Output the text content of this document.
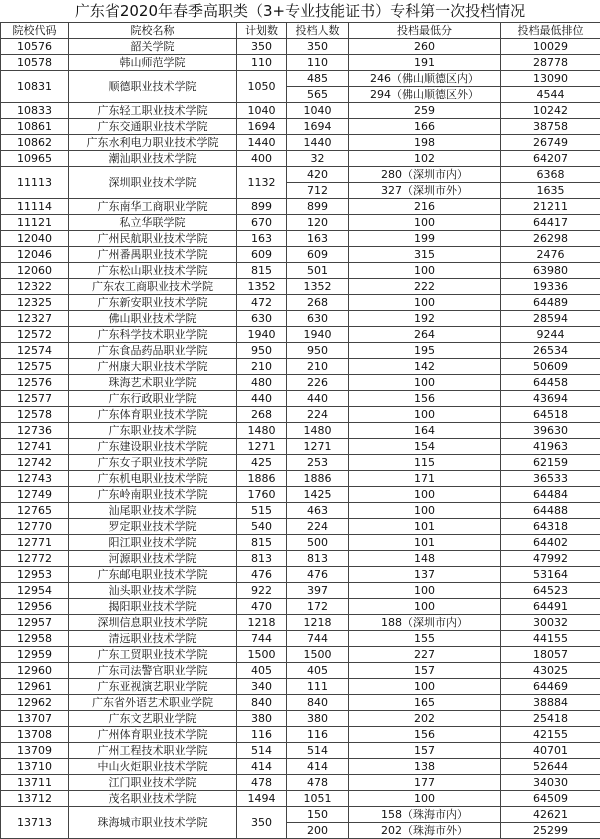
广东省2020年春季高职类（3+专业技能证书）专科第一次投档情况
院校代码	院校名称	计划数	投档人数	投档最低分	投档最低排位
10576	韶关学院	350	350	260	10029
10578	韩山师范学院	110	110	191	28778
10831	顺德职业技术学院	1050	485	246（佛山顺德区内）	13090
			565	294（佛山顺德区外）	4544
10833	广东轻工职业技术学院	1040	1040	259	10242
10861	广东交通职业技术学院	1694	1694	166	38758
10862	广东水利电力职业技术学院	1440	1440	198	26749
10965	潮汕职业技术学院	400	32	102	64207
11113	深圳职业技术学院	1132	420	280（深圳市内）	6368
			712	327（深圳市外）	1635
11114	广东南华工商职业学院	899	899	216	21211
11121	私立华联学院	670	120	100	64417
12040	广州民航职业技术学院	163	163	199	26298
12046	广州番禺职业技术学院	609	609	315	2476
12060	广东松山职业技术学院	815	501	100	63980
12322	广东农工商职业技术学院	1352	1352	222	19336
12325	广东新安职业技术学院	472	268	100	64489
12327	佛山职业技术学院	630	630	192	28594
12572	广东科学技术职业学院	1940	1940	264	9244
12574	广东食品药品职业学院	950	950	195	26534
12575	广州康大职业技术学院	210	210	142	50609
12576	珠海艺术职业学院	480	226	100	64458
12577	广东行政职业学院	440	440	156	43694
12578	广东体育职业技术学院	268	224	100	64518
12736	广东职业技术学院	1480	1480	164	39630
12741	广东建设职业技术学院	1271	1271	154	41963
12742	广东女子职业技术学院	425	253	115	62159
12743	广东机电职业技术学院	1886	1886	171	36533
12749	广东岭南职业技术学院	1760	1425	100	64484
12765	汕尾职业技术学院	515	463	100	64488
12770	罗定职业技术学院	540	224	101	64318
12771	阳江职业技术学院	815	500	101	64402
12772	河源职业技术学院	813	813	148	47992
12953	广东邮电职业技术学院	476	476	137	53164
12954	汕头职业技术学院	922	397	100	64523
12956	揭阳职业技术学院	470	172	100	64491
12957	深圳信息职业技术学院	1218	1218	188（深圳市内）	30032
12958	清远职业技术学院	744	744	155	44155
12959	广东工贸职业技术学院	1500	1500	227	18057
12960	广东司法警官职业学院	405	405	157	43025
12961	广东亚视演艺职业学院	340	111	100	64469
12962	广东省外语艺术职业学院	840	840	165	38884
13707	广东文艺职业学院	380	380	202	25418
13708	广州体育职业技术学院	116	116	156	42155
13709	广州工程技术职业学院	514	514	157	40701
13710	中山火炬职业技术学院	414	414	138	52644
13711	江门职业技术学院	478	478	177	34030
13712	茂名职业技术学院	1494	1051	100	64509
13713	珠海城市职业技术学院	350	150	158（珠海市内）	42621
			200	202（珠海市外）	25299
